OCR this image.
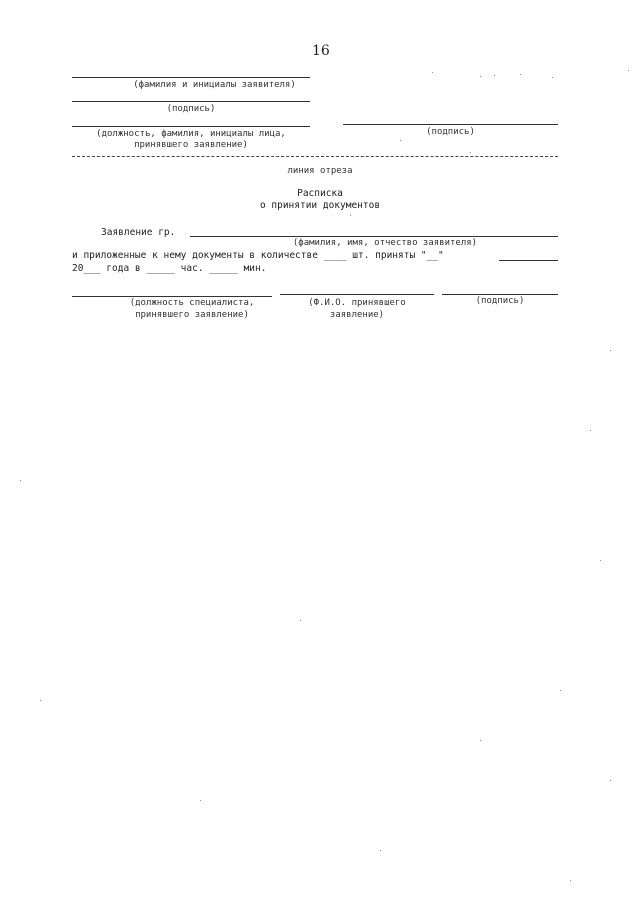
16
(фамилия и инициалы заявителя)
(подпись)
(должность, фамилия, инициалы лица,
принявшего заявление)
(подпись)
линия отреза
Расписка
о принятии документов
Заявление гр.
(фамилия, имя, отчество заявителя)
и приложенные к нему документы в количестве ____ шт. приняты "__"
20___ года в _____ час. _____ мин.
(должность специалиста,
принявшего заявление)
(Ф.И.О. принявшего
заявление)
(подпись)
